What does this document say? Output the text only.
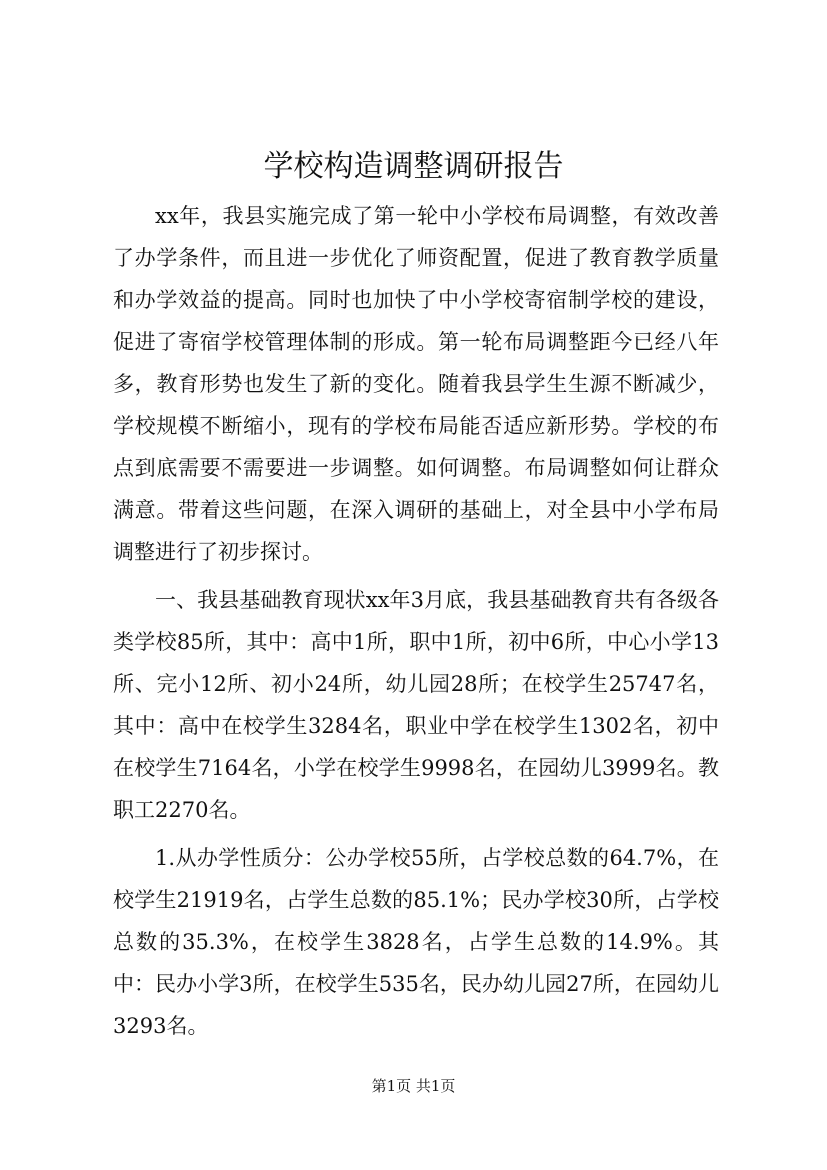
学校构造调整调研报告

xx年，我县实施完成了第一轮中小学校布局调整，有效改善了办学条件，而且进一步优化了师资配置，促进了教育教学质量和办学效益的提高。同时也加快了中小学校寄宿制学校的建设，促进了寄宿学校管理体制的形成。第一轮布局调整距今已经八年多，教育形势也发生了新的变化。随着我县学生生源不断减少，学校规模不断缩小，现有的学校布局能否适应新形势。学校的布点到底需要不需要进一步调整。如何调整。布局调整如何让群众满意。带着这些问题，在深入调研的基础上，对全县中小学布局调整进行了初步探讨。

一、我县基础教育现状xx年3月底，我县基础教育共有各级各类学校85所，其中：高中1所，职中1所，初中6所，中心小学13所、完小12所、初小24所，幼儿园28所；在校学生25747名，其中：高中在校学生3284名，职业中学在校学生1302名，初中在校学生7164名，小学在校学生9998名，在园幼儿3999名。教职工2270名。

1.从办学性质分：公办学校55所，占学校总数的64.7%，在校学生21919名，占学生总数的85.1%；民办学校30所，占学校总数的35.3%，在校学生3828名，占学生总数的14.9%。其中：民办小学3所，在校学生535名，民办幼儿园27所，在园幼儿3293名。

第1页 共1页
